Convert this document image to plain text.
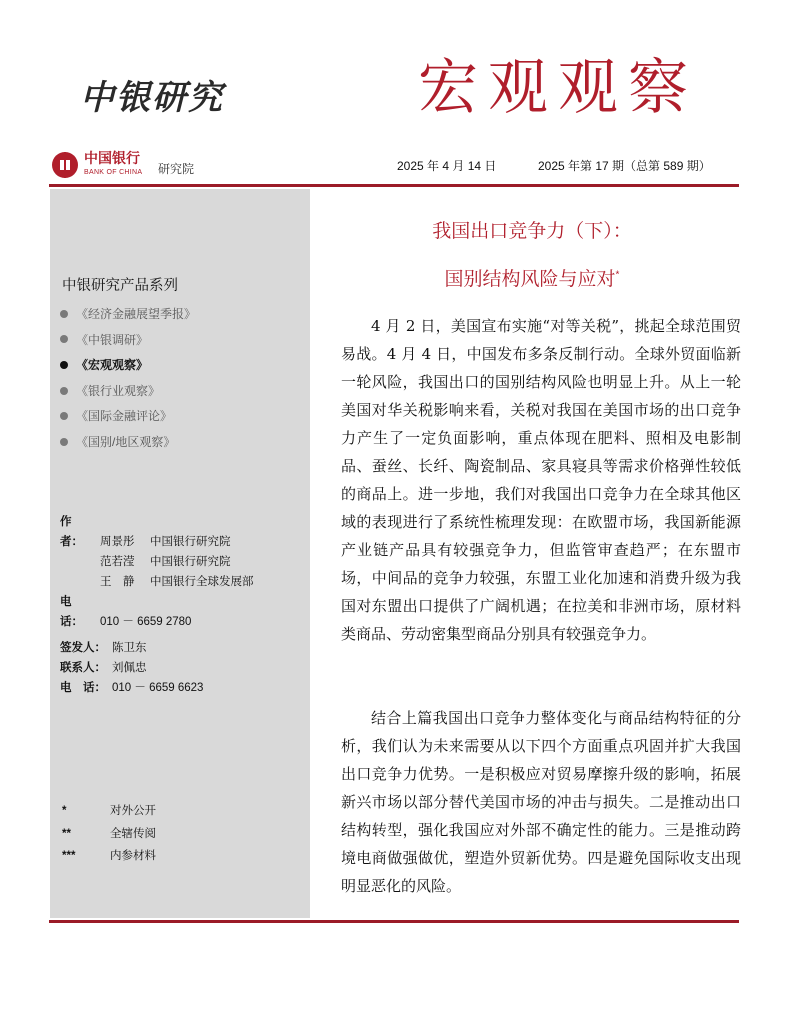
中银研究	宏观观察
中国银行
BANK OF CHINA 研究院	2025 年 4 月 14 日	2025 年第 17 期（总第 589 期）
中银研究产品系列
《经济金融展望季报》
《中银调研》
《宏观观察》
《银行业观察》
《国际金融评论》
《国别/地区观察》
作　者： 周景彤 中国银行研究院
范若滢 中国银行研究院
王　静 中国银行全球发展部
电　话： 010 － 6659 2780
签发人： 陈卫东
联系人： 刘佩忠
电　话： 010 － 6659 6623
*	对外公开
**	全辖传阅
***	内参材料
我国出口竞争力（下）：
国别结构风险与应对*

4 月 2 日，美国宣布实施“对等关税”，挑起全球范围贸易战。4 月 4 日，中国发布多条反制行动。全球外贸面临新一轮风险，我国出口的国别结构风险也明显上升。从上一轮美国对华关税影响来看，关税对我国在美国市场的出口竞争力产生了一定负面影响，重点体现在肥料、照相及电影制品、蚕丝、长纤、陶瓷制品、家具寝具等需求价格弹性较低的商品上。进一步地，我们对我国出口竞争力在全球其他区域的表现进行了系统性梳理发现：在欧盟市场，我国新能源产业链产品具有较强竞争力，但监管审查趋严；在东盟市场，中间品的竞争力较强，东盟工业化加速和消费升级为我国对东盟出口提供了广阔机遇；在拉美和非洲市场，原材料类商品、劳动密集型商品分别具有较强竞争力。

结合上篇我国出口竞争力整体变化与商品结构特征的分析，我们认为未来需要从以下四个方面重点巩固并扩大我国出口竞争力优势。一是积极应对贸易摩擦升级的影响，拓展新兴市场以部分替代美国市场的冲击与损失。二是推动出口结构转型，强化我国应对外部不确定性的能力。三是推动跨境电商做强做优，塑造外贸新优势。四是避免国际收支出现明显恶化的风险。
